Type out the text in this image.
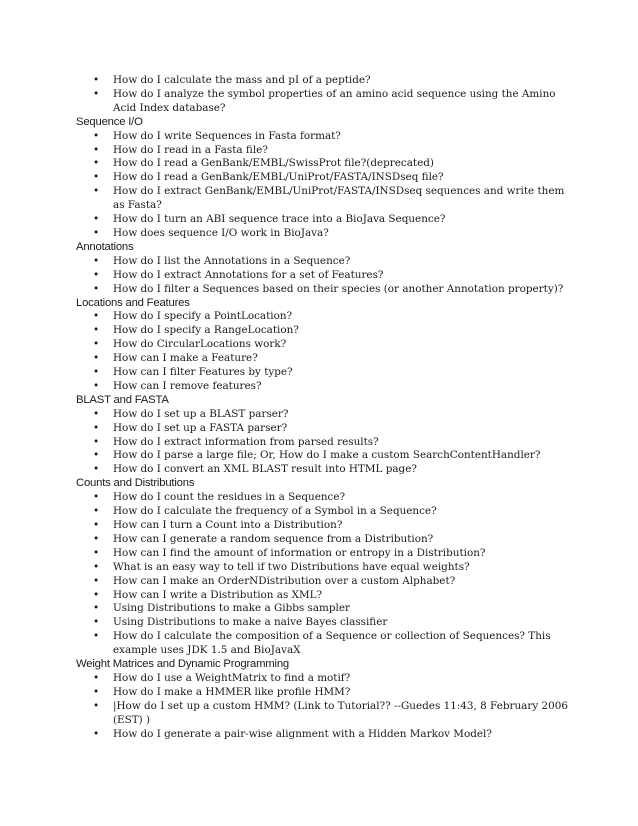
• How do I calculate the mass and pI of a peptide?
• How do I analyze the symbol properties of an amino acid sequence using the Amino Acid Index database?
Sequence I/O
• How do I write Sequences in Fasta format?
• How do I read in a Fasta file?
• How do I read a GenBank/EMBL/SwissProt file?(deprecated)
• How do I read a GenBank/EMBL/UniProt/FASTA/INSDseq file?
• How do I extract GenBank/EMBL/UniProt/FASTA/INSDseq sequences and write them as Fasta?
• How do I turn an ABI sequence trace into a BioJava Sequence?
• How does sequence I/O work in BioJava?
Annotations
• How do I list the Annotations in a Sequence?
• How do I extract Annotations for a set of Features?
• How do I filter a Sequences based on their species (or another Annotation property)?
Locations and Features
• How do I specify a PointLocation?
• How do I specify a RangeLocation?
• How do CircularLocations work?
• How can I make a Feature?
• How can I filter Features by type?
• How can I remove features?
BLAST and FASTA
• How do I set up a BLAST parser?
• How do I set up a FASTA parser?
• How do I extract information from parsed results?
• How do I parse a large file; Or, How do I make a custom SearchContentHandler?
• How do I convert an XML BLAST result into HTML page?
Counts and Distributions
• How do I count the residues in a Sequence?
• How do I calculate the frequency of a Symbol in a Sequence?
• How can I turn a Count into a Distribution?
• How can I generate a random sequence from a Distribution?
• How can I find the amount of information or entropy in a Distribution?
• What is an easy way to tell if two Distributions have equal weights?
• How can I make an OrderNDistribution over a custom Alphabet?
• How can I write a Distribution as XML?
• Using Distributions to make a Gibbs sampler
• Using Distributions to make a naive Bayes classifier
• How do I calculate the composition of a Sequence or collection of Sequences? This example uses JDK 1.5 and BioJavaX
Weight Matrices and Dynamic Programming
• How do I use a WeightMatrix to find a motif?
• How do I make a HMMER like profile HMM?
• |How do I set up a custom HMM? (Link to Tutorial?? --Guedes 11:43, 8 February 2006 (EST) )
• How do I generate a pair-wise alignment with a Hidden Markov Model?
